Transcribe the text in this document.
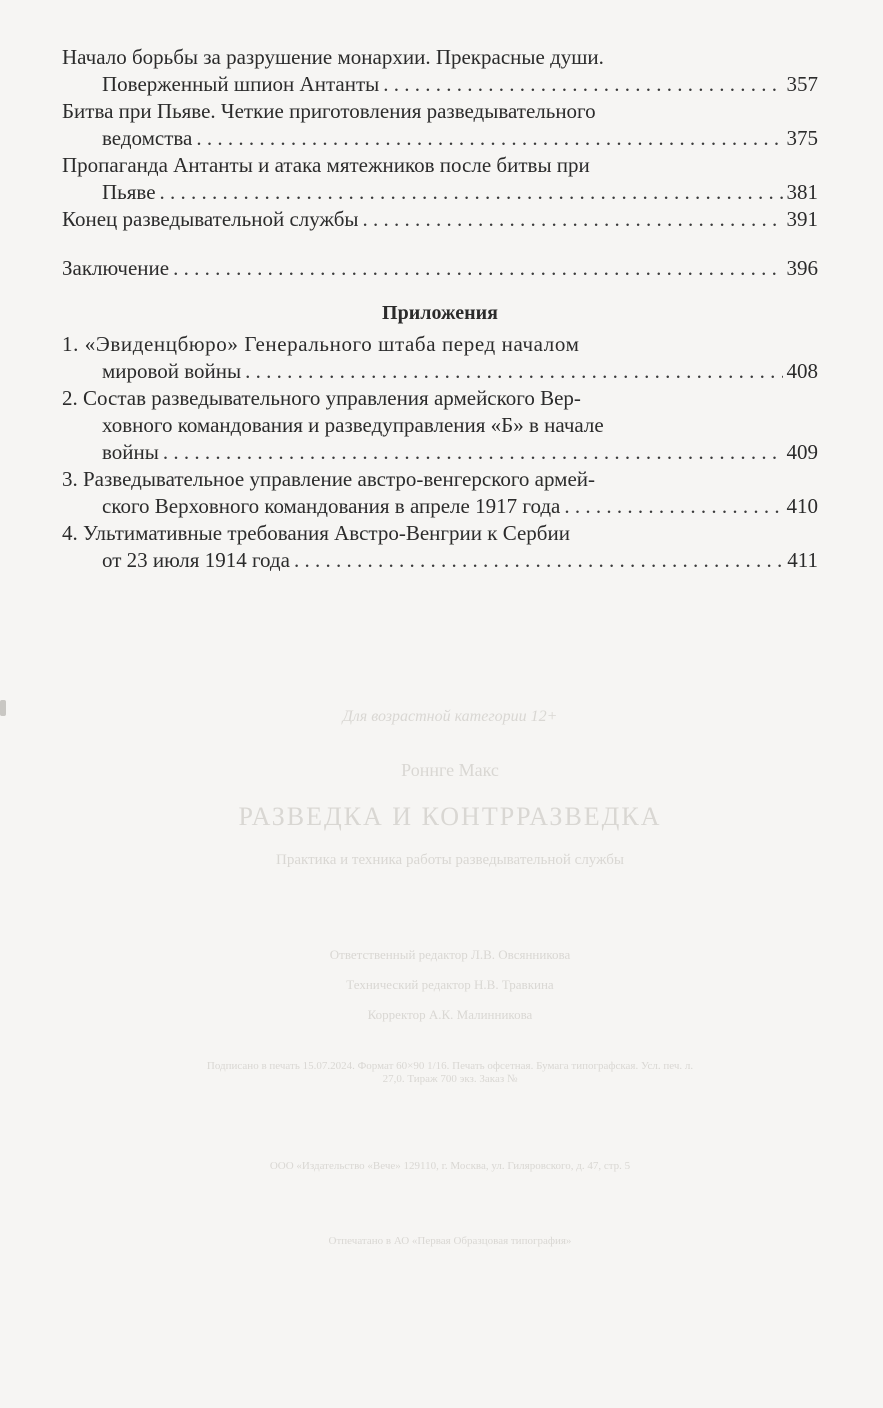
Начало борьбы за разрушение монархии. Прекрасные души.
Поверженный шпион Антанты . . .	357
Битва при Пьяве. Четкие приготовления разведывательного
ведомства . . .	375
Пропаганда Антанты и атака мятежников после битвы при
Пьяве . . .	381
Конец разведывательной службы . . .	391
Заключение . . .	396
Приложения
1. «Эвиденцбюро» Генерального штаба перед началом
мировой войны . . .	408
2. Состав разведывательного управления армейского Вер-
ховного командования и разведуправления «Б» в начале
войны . . .	409
3. Разведывательное управление австро-венгерского армей-
ского Верховного командования в апреле 1917 года . . .	410
4. Ультимативные требования Австро-Венгрии к Сербии
от 23 июля 1914 года . . .	411
Для возрастной категории 12+
Роннге Макс
РАЗВЕДКА И КОНТРРАЗВЕДКА
Практика и техника работы разведывательной службы
Ответственный редактор Л.В. Овсянникова
Технический редактор Н.В. Травкина
Корректор А.К. Малинникова
Подписано в печать 15.07.2024. Формат 60×90 1/16. Печать офсетная. Бумага типографская. Усл. печ. л. 27,0. Тираж 700 экз. Заказ №
ООО «Издательство «Вече» 129110, г. Москва, ул. Гиляровского, д. 47, стр. 5
Отпечатано в АО «Первая Образцовая типография»
